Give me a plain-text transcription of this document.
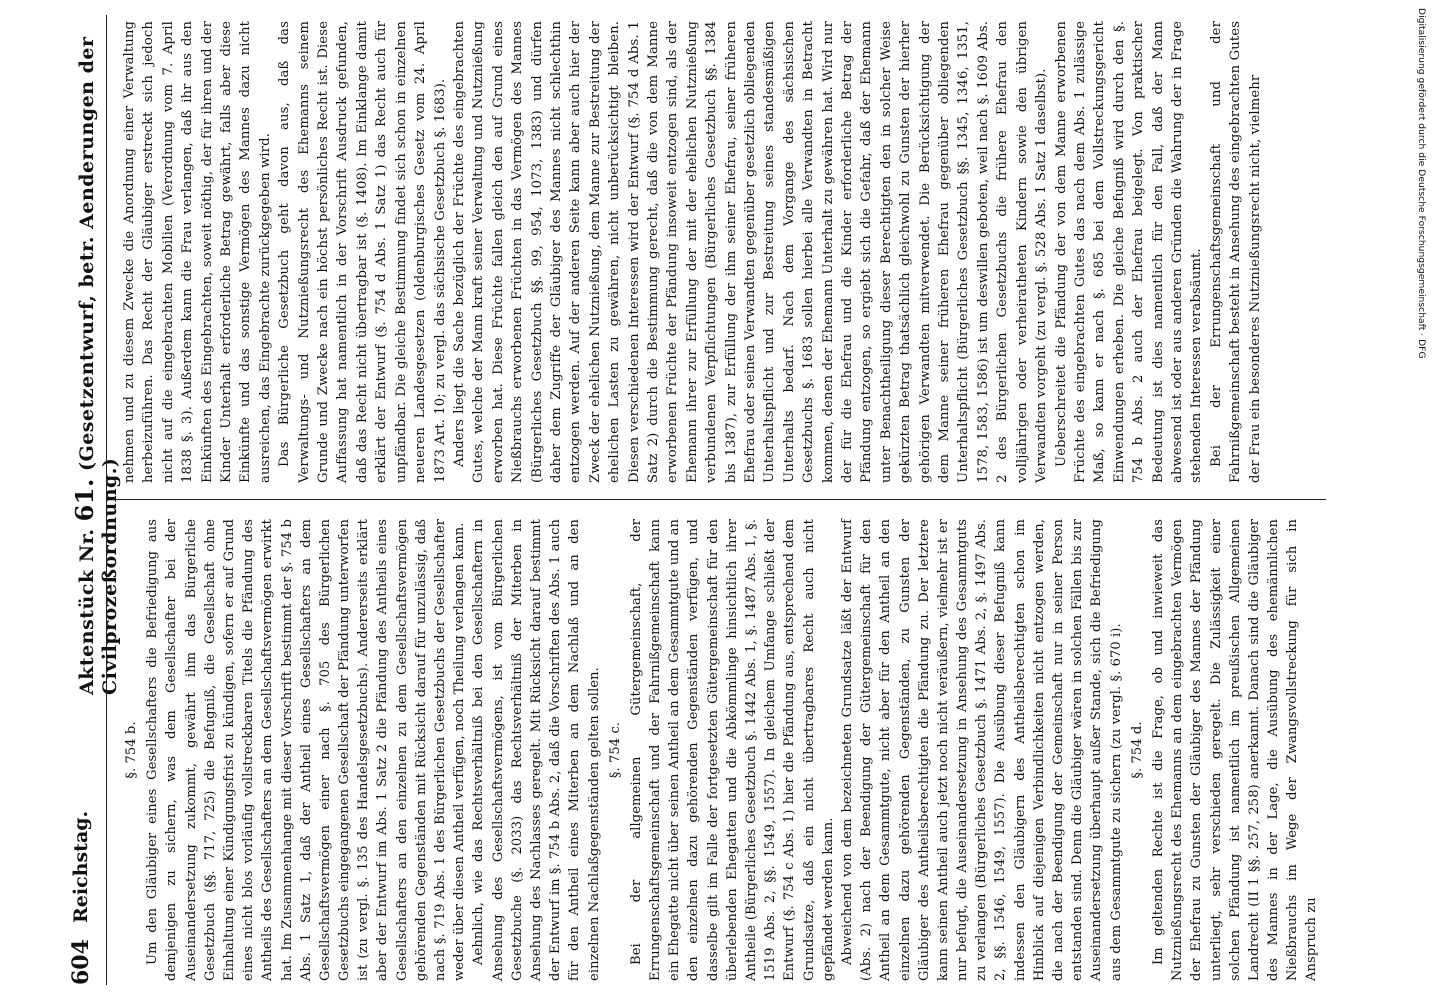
604
Reichstag.
Aktenstück Nr. 61. (Gesetzentwurf, betr. Aenderungen der Civilprozeßordnung.)

§. 754 b. Um den Gläubiger eines Gesellschafters die Befriedigung aus demjenigen zu sichern, was dem Gesellschafter bei der Auseinandersetzung zukommt, gewährt ihm das Bürgerliche Gesetzbuch (§§. 717, 725) die Befugniß, die Gesellschaft ohne Einhaltung einer Kündigungsfrist zu kündigen, sofern er auf Grund eines nicht blos vorläufig vollstreckbaren Titels die Pfändung des Antheils des Gesellschafters an dem Gesellschaftsvermögen erwirkt hat. Im Zusammenhange mit dieser Vorschrift bestimmt der §. 754 b Abs. 1 Satz 1, daß der Antheil eines Gesellschafters an dem Gesellschaftsvermögen einer nach §. 705 des Bürgerlichen Gesetzbuchs eingegangenen Gesellschaft der Pfändung unterworfen ist (zu vergl. §. 135 des Handelsgesetzbuchs). Andererseits erklärt aber der Entwurf im Abs. 1 Satz 2 die Pfändung des Antheils eines Gesellschafters an den einzelnen zu dem Gesellschaftsvermögen gehörenden Gegenständen mit Rücksicht darauf für unzulässig, daß nach §. 719 Abs. 1 des Bürgerlichen Gesetzbuchs der Gesellschafter weder über diesen Antheil verfügen, noch Theilung verlangen kann. Aehnlich, wie das Rechtsverhältniß bei den Gesellschaftern in Ansehung des Gesellschaftsvermögens, ist vom Bürgerlichen Gesetzbuche (§. 2033) das Rechtsverhältniß der Miterben in Ansehung des Nachlasses geregelt. Mit Rücksicht darauf bestimmt der Entwurf im §. 754 b Abs. 2, daß die Vorschriften des Abs. 1 auch für den Antheil eines Miterben an dem Nachlaß und an den einzelnen Nachlaßgegenständen gelten sollen. §. 754 c. Bei der allgemeinen Gütergemeinschaft, der Errungenschaftsgemeinschaft und der Fahrnißgemeinschaft kann ein Ehegatte nicht über seinen Antheil an dem Gesammtgute und an den einzelnen dazu gehörenden Gegenständen verfügen, und dasselbe gilt im Falle der fortgesetzten Gütergemeinschaft für den überlebenden Ehegatten und die Abkömmlinge hinsichtlich ihrer Antheile (Bürgerliches Gesetzbuch §. 1442 Abs. 1, §. 1487 Abs. 1, §. 1519 Abs. 2, §§. 1549, 1557). In gleichem Umfange schließt der Entwurf (§. 754 c Abs. 1) hier die Pfändung aus, entsprechend dem Grundsatze, daß ein nicht übertragbares Recht auch nicht gepfändet werden kann. Abweichend von dem bezeichneten Grundsatze läßt der Entwurf (Abs. 2) nach der Beendigung der Gütergemeinschaft für den Antheil an dem Gesammtgute, nicht aber für den Antheil an den einzelnen dazu gehörenden Gegenständen, zu Gunsten der Gläubiger des Antheilsberechtigten die Pfändung zu. Der letztere kann seinen Antheil auch jetzt noch nicht veräußern, vielmehr ist er nur befugt, die Auseinandersetzung in Ansehung des Gesammtguts zu verlangen (Bürgerliches Gesetzbuch §. 1471 Abs. 2, §. 1497 Abs. 2, §§. 1546, 1549, 1557). Die Ausübung dieser Befugniß kann indessen den Gläubigern des Antheilsberechtigten schon im Hinblick auf diejenigen Verbindlichkeiten nicht entzogen werden, die nach der Beendigung der Gemeinschaft nur in seiner Person entstanden sind. Denn die Gläubiger wären in solchen Fällen bis zur Auseinandersetzung überhaupt außer Stande, sich die Befriedigung aus dem Gesammtgute zu sichern (zu vergl. §. 670 i). §. 754 d. Im geltenden Rechte ist die Frage, ob und inwieweit das Nutznießungsrecht des Ehemanns an dem eingebrachten Vermögen der Ehefrau zu Gunsten der Gläubiger des Mannes der Pfändung unterliegt, sehr verschieden geregelt. Die Zulässigkeit einer solchen Pfändung ist namentlich im preußischen Allgemeinen Landrecht (II 1 §§. 257, 258) anerkannt. Danach sind die Gläubiger des Mannes in der Lage, die Ausübung des ehemännlichen Nießbrauchs im Wege der Zwangsvollstreckung für sich in Anspruch zu

nehmen und zu diesem Zwecke die Anordnung einer Verwaltung herbeizuführen. Das Recht der Gläubiger erstreckt sich jedoch nicht auf die eingebrachten Mobilien (Verordnung vom 7. April 1838 §. 3). Außerdem kann die Frau verlangen, daß ihr aus den Einkünften des Eingebrachten, soweit nöthig, der für ihren und der Kinder Unterhalt erforderliche Betrag gewährt, falls aber diese Einkünfte und das sonstige Vermögen des Mannes dazu nicht ausreichen, das Eingebrachte zurückgegeben wird. Das Bürgerliche Gesetzbuch geht davon aus, daß das Verwaltungs- und Nutznießungsrecht des Ehemanns seinem Grunde und Zwecke nach ein höchst persönliches Recht ist. Diese Auffassung hat namentlich in der Vorschrift Ausdruck gefunden, daß das Recht nicht übertragbar ist (§. 1408). Im Einklange damit erklärt der Entwurf (§. 754 d Abs. 1 Satz 1) das Recht auch für unpfändbar. Die gleiche Bestimmung findet sich schon in einzelnen neueren Landesgesetzen (oldenburgisches Gesetz vom 24. April 1873 Art. 10; zu vergl. das sächsische Gesetzbuch §. 1683). Anders liegt die Sache bezüglich der Früchte des eingebrachten Gutes, welche der Mann kraft seiner Verwaltung und Nutznießung erworben hat. Diese Früchte fallen gleich den auf Grund eines Nießbrauchs erworbenen Früchten in das Vermögen des Mannes (Bürgerliches Gesetzbuch §§. 99, 954, 1073, 1383) und dürfen daher dem Zugriffe der Gläubiger des Mannes nicht schlechthin entzogen werden. Auf der anderen Seite kann aber auch hier der Zweck der ehelichen Nutznießung, dem Manne zur Bestreitung der ehelichen Lasten zu gewähren, nicht unberücksichtigt bleiben. Diesen verschiedenen Interessen wird der Entwurf (§. 754 d Abs. 1 Satz 2) durch die Bestimmung gerecht, daß die von dem Manne erworbenen Früchte der Pfändung insoweit entzogen sind, als der Ehemann ihrer zur Erfüllung der mit der ehelichen Nutznießung verbundenen Verpflichtungen (Bürgerliches Gesetzbuch §§. 1384 bis 1387), zur Erfüllung der ihm seiner Ehefrau, seiner früheren Ehefrau oder seinen Verwandten gegenüber gesetzlich obliegenden Unterhaltspflicht und zur Bestreitung seines standesmäßigen Unterhalts bedarf. Nach dem Vorgange des sächsischen Gesetzbuchs §. 1683 sollen hierbei alle Verwandten in Betracht kommen, denen der Ehemann Unterhalt zu gewähren hat. Wird nur der für die Ehefrau und die Kinder erforderliche Betrag der Pfändung entzogen, so ergiebt sich die Gefahr, daß der Ehemann unter Benachtheiligung dieser Berechtigten den in solcher Weise gekürzten Betrag thatsächlich gleichwohl zu Gunsten der hierher gehörigen Verwandten mitverwendet. Die Berücksichtigung der dem Manne seiner früheren Ehefrau gegenüber obliegenden Unterhaltspflicht (Bürgerliches Gesetzbuch §§. 1345, 1346, 1351, 1578, 1583, 1586) ist um deswillen geboten, weil nach §. 1609 Abs. 2 des Bürgerlichen Gesetzbuchs die frühere Ehefrau den volljährigen oder verheiratheten Kindern sowie den übrigen Verwandten vorgeht (zu vergl. §. 528 Abs. 1 Satz 1 daselbst). Ueberschreitet die Pfändung der von dem Manne erworbenen Früchte des eingebrachten Gutes das nach dem Abs. 1 zulässige Maß, so kann er nach §. 685 bei dem Vollstreckungsgericht Einwendungen erheben. Die gleiche Befugniß wird durch den §. 754 b Abs. 2 auch der Ehefrau beigelegt. Von praktischer Bedeutung ist dies namentlich für den Fall, daß der Mann abwesend ist oder aus anderen Gründen die Wahrung der in Frage stehenden Interessen verabsäumt. Bei der Errungenschaftsgemeinschaft und der Fahrnißgemeinschaft besteht in Ansehung des eingebrachten Gutes der Frau ein besonderes Nutznießungsrecht nicht, vielmehr	Digitalisierung gefördert durch die Deutsche Forschungsgemeinschaft · DFG
